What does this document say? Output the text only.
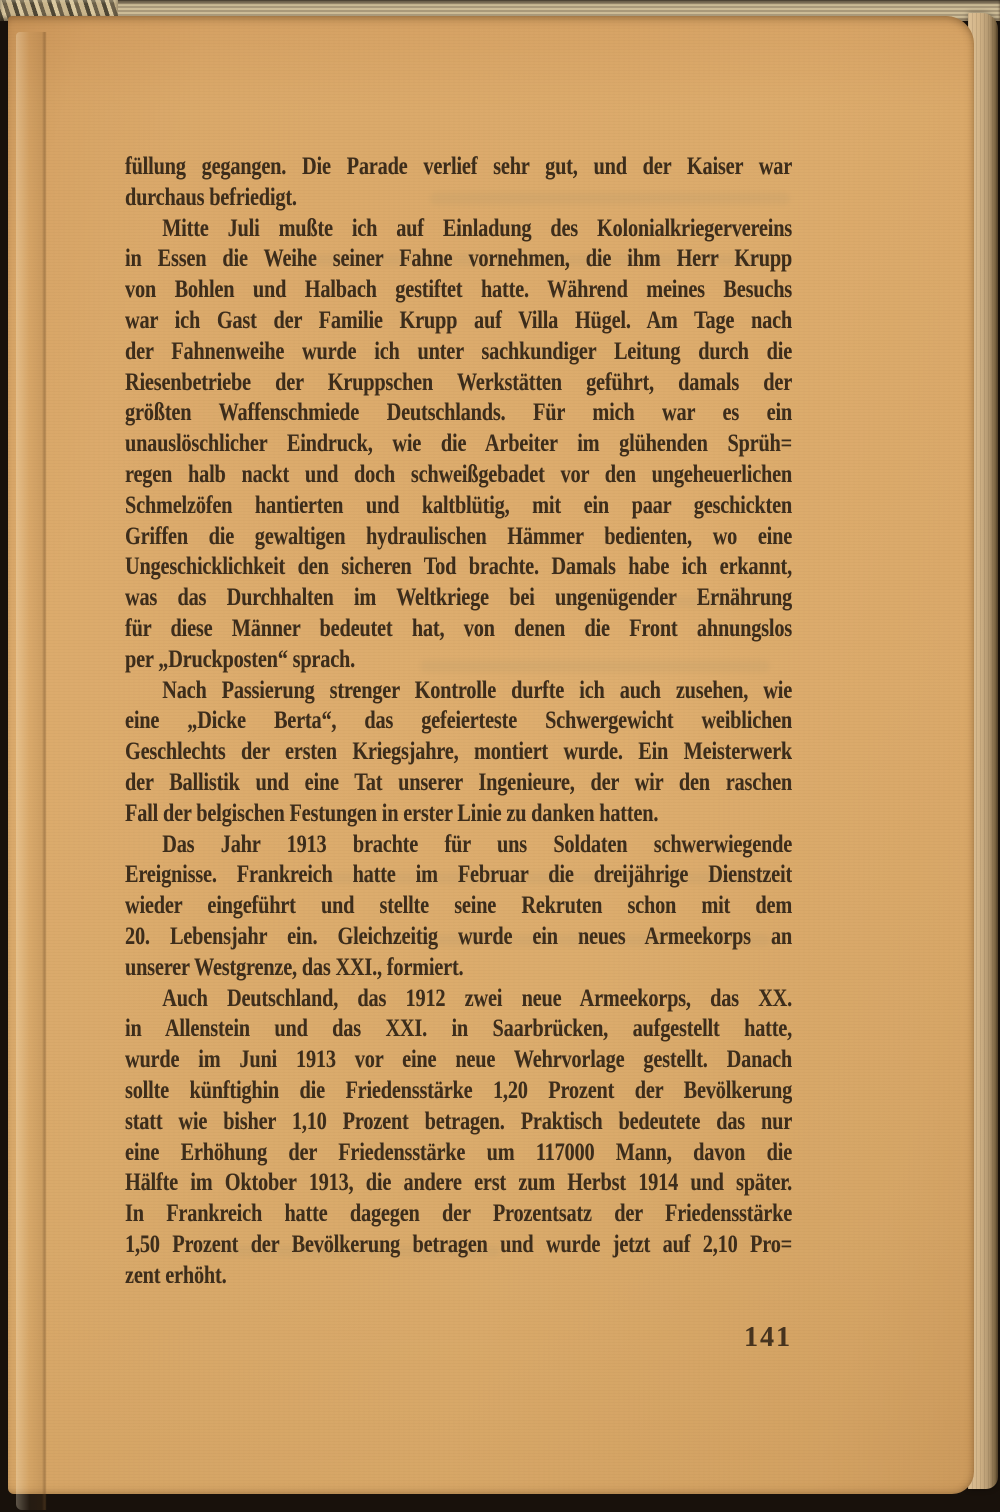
füllung gegangen. Die Parade verlief sehr gut, und der Kaiser war
durchaus befriedigt.
Mitte Juli mußte ich auf Einladung des Kolonialkriegervereins
in Essen die Weihe seiner Fahne vornehmen, die ihm Herr Krupp
von Bohlen und Halbach gestiftet hatte. Während meines Besuchs
war ich Gast der Familie Krupp auf Villa Hügel. Am Tage nach
der Fahnenweihe wurde ich unter sachkundiger Leitung durch die
Riesenbetriebe der Kruppschen Werkstätten geführt, damals der
größten Waffenschmiede Deutschlands. Für mich war es ein
unauslöschlicher Eindruck, wie die Arbeiter im glühenden Sprüh=
regen halb nackt und doch schweißgebadet vor den ungeheuerlichen
Schmelzöfen hantierten und kaltblütig, mit ein paar geschickten
Griffen die gewaltigen hydraulischen Hämmer bedienten, wo eine
Ungeschicklichkeit den sicheren Tod brachte. Damals habe ich erkannt,
was das Durchhalten im Weltkriege bei ungenügender Ernährung
für diese Männer bedeutet hat, von denen die Front ahnungslos
per „Druckposten“ sprach.
Nach Passierung strenger Kontrolle durfte ich auch zusehen, wie
eine „Dicke Berta“, das gefeierteste Schwergewicht weiblichen
Geschlechts der ersten Kriegsjahre, montiert wurde. Ein Meisterwerk
der Ballistik und eine Tat unserer Ingenieure, der wir den raschen
Fall der belgischen Festungen in erster Linie zu danken hatten.
Das Jahr 1913 brachte für uns Soldaten schwerwiegende
Ereignisse. Frankreich hatte im Februar die dreijährige Dienstzeit
wieder eingeführt und stellte seine Rekruten schon mit dem
20. Lebensjahr ein. Gleichzeitig wurde ein neues Armeekorps an
unserer Westgrenze, das XXI., formiert.
Auch Deutschland, das 1912 zwei neue Armeekorps, das XX.
in Allenstein und das XXI. in Saarbrücken, aufgestellt hatte,
wurde im Juni 1913 vor eine neue Wehrvorlage gestellt. Danach
sollte künftighin die Friedensstärke 1,20 Prozent der Bevölkerung
statt wie bisher 1,10 Prozent betragen. Praktisch bedeutete das nur
eine Erhöhung der Friedensstärke um 117000 Mann, davon die
Hälfte im Oktober 1913, die andere erst zum Herbst 1914 und später.
In Frankreich hatte dagegen der Prozentsatz der Friedensstärke
1,50 Prozent der Bevölkerung betragen und wurde jetzt auf 2,10 Pro=
zent erhöht.
141
